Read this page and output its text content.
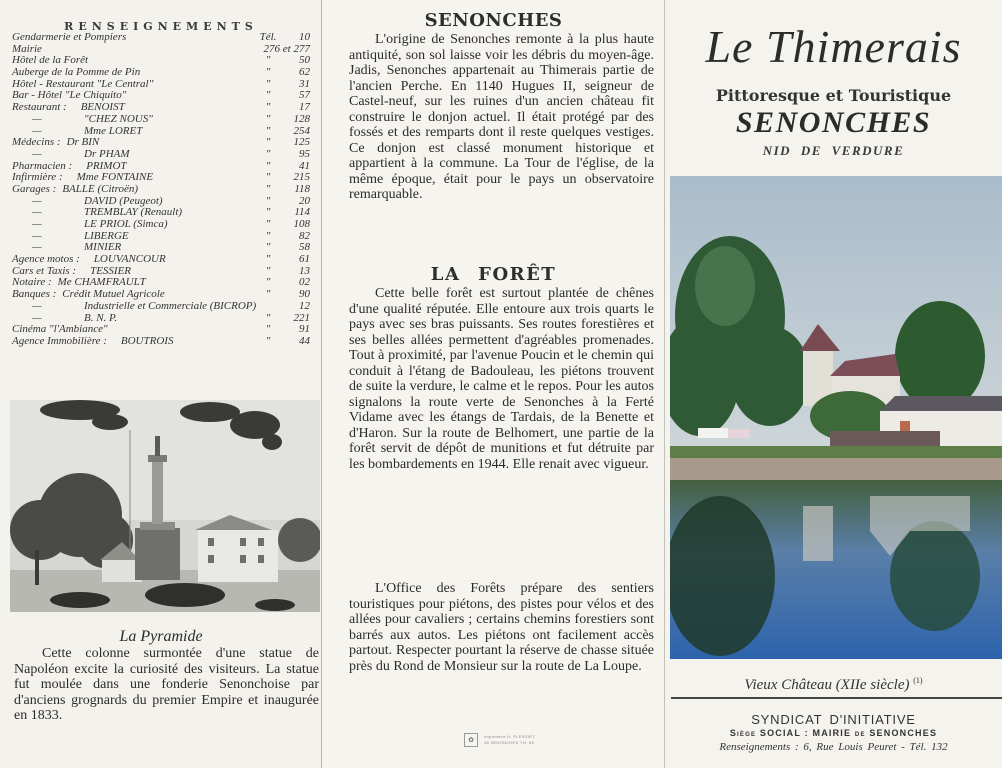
RENSEIGNEMENTS
Gendarmerie et Pompiers	Tél.	10
Mairie	276 et 277
Hôtel de la Forêt	"	50
Auberge de la Pomme de Pin	"	62
Hôtel - Restaurant "Le Central''	"	31
Bar - Hôtel "Le Chiquito"	"	57
Restaurant :	BENOIST	"	17
—	"CHEZ NOUS"	"	128
—	Mme LORET	"	254
Médecins : Dr BIN	"	125
—	Dr PHAM	"	95
Pharmacien :	PRIMOT	"	41
Infirmière :	Mme FONTAINE	"	215
Garages : BALLÉ (Citroën)	"	118
—	DAVID (Peugeot)	"	20
—	TREMBLAY (Renault)	"	114
—	LE PRIOL (Simca)	"	108
—	LIBERGE	"	82
—	MINIER	"	58
Agence motos :	LOUVANCOUR	"	61
Cars et Taxis :	TESSIER	"	13
Notaire : Me CHAMFRAULT	"	02
Banques : Crédit Mutuel Agricole	"	90
—	Industrielle et Commerciale (BICROP)	12
—	B. N. P.	"	221
Cinéma "l'Ambiance"	"	91
Agence Immobilière :	BOUTROIS	"	44
La Pyramide

Cette colonne surmontée d'une statue de Napoléon excite la curiosité des visiteurs. La statue fut moulée dans une fonderie Senonchoise par d'anciens grognards du premier Empire et inaugurée en 1833.

SENONCHES

L'origine de Senonches remonte à la plus haute antiquité, son sol laisse voir les débris du moyen-âge. Jadis, Senonches appartenait au Thimerais partie de l'ancien Perche. En 1140 Hugues II, seigneur de Castel-neuf, sur les ruines d'un ancien château fit construire le donjon actuel. Il était protégé par des fossés et des remparts dont il reste quelques vestiges. Ce donjon est classé monument historique et appartient à la commune. La Tour de l'église, de la même époque, était pour le pays un observatoire remarquable.

LA FORÊT

Cette belle forêt est surtout plantée de chênes d'une qualité réputée. Elle entoure aux trois quarts le pays avec ses bras puissants. Ses routes forestières et ses belles allées permettent d'agréables promenades. Tout à proximité, par l'avenue Poucin et le chemin qui conduit à l'étang de Badouleau, les piétons trouvent de suite la verdure, le calme et le repos. Pour les autos signalons la route verte de Senonches à la Ferté Vidame avec les étangs de Tardais, de la Benette et d'Haron. Sur la route de Belhomert, une partie de la forêt servit de dépôt de munitions et fut détruite par les bombardements en 1944. Elle renait avec vigueur.

L'Office des Forêts prépare des sentiers touristiques pour piétons, des pistes pour vélos et des allées pour cavaliers ; certains chemins forestiers sont barrés aux autos. Les piétons ont facilement accès partout. Respecter pourtant la réserve de chasse située près du Rond de Monsieur sur la route de La Loupe.

✿	Imprimerie H. PLESSIET
28 SENONCHES Tél. 65
Le Thimerais
Pittoresque et Touristique
SENONCHES
NID DE VERDURE
Vieux Château (XIIe siècle) $^{(1)}$
SYNDICAT D'INITIATIVE
Siège SOCIAL : MAIRIE de SENONCHES
Renseignements : 6, Rue Louis Peuret - Tél. 132
